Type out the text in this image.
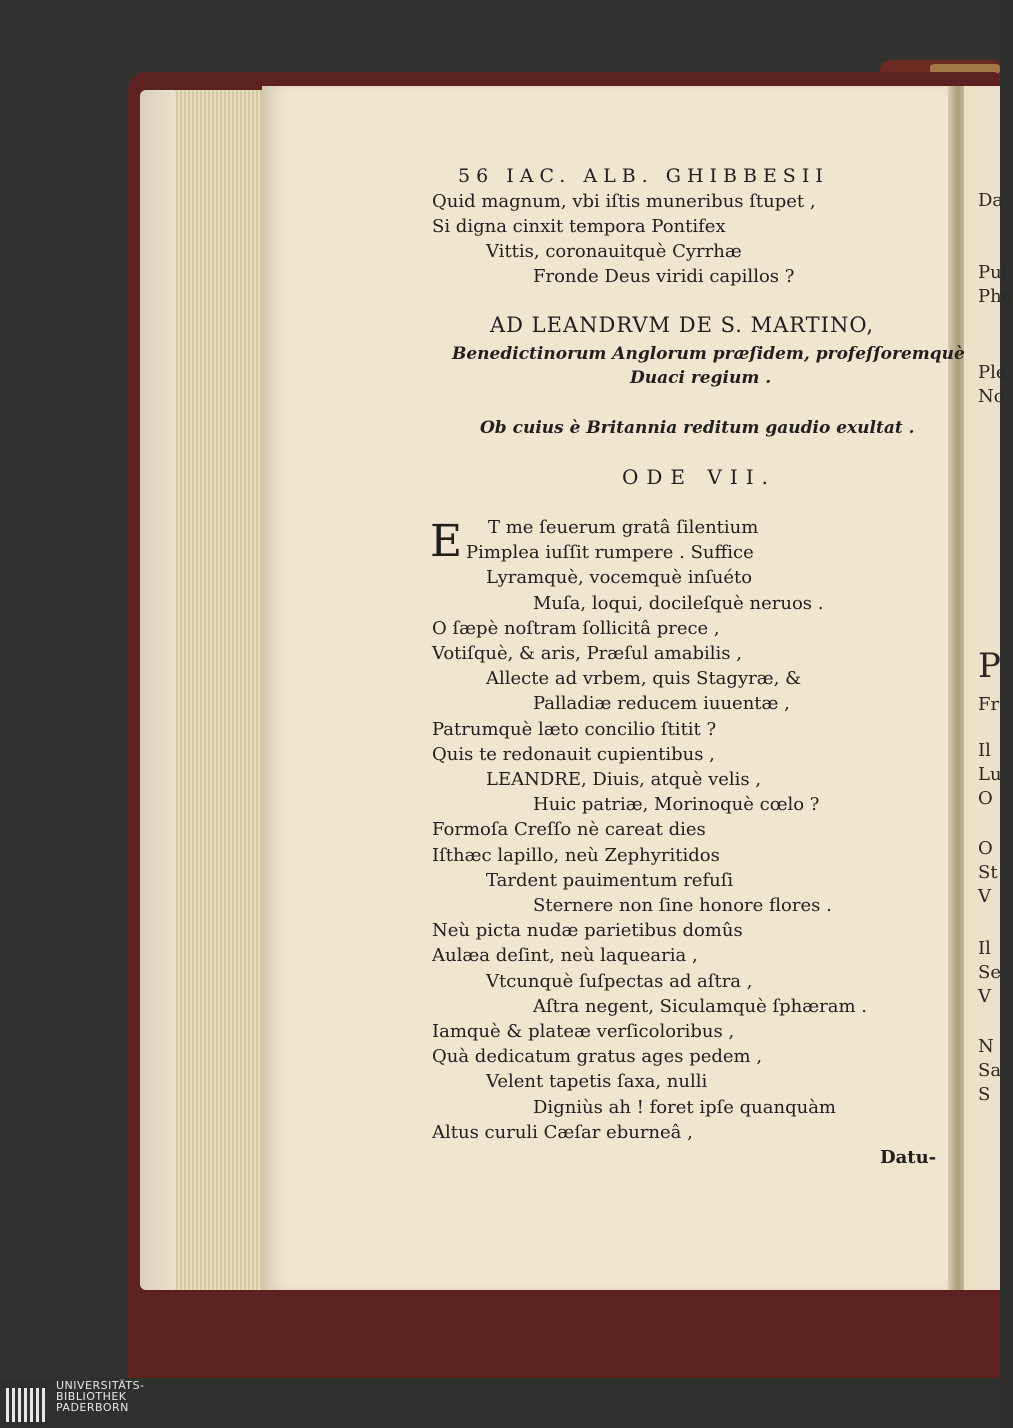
Da
Pul
Pho
Ple
No
P
Fr
Il
Lu
O
O
St
V
Il
Se
V
N
Sa
S
56 IAC. ALB. GHIBBESII
Quid magnum, vbi iſtis muneribus ſtupet ,
Si digna cinxit tempora Pontifex
Vittis, coronauitquè Cyrrhæ
Fronde Deus viridi capillos ?
AD LEANDRVM DE S. MARTINO,
Benedictinorum Anglorum præſidem, profeſſoremquè
Duaci regium .
Ob cuius è Britannia reditum gaudio exultat .
ODE VII.
E T me ſeuerum gratâ ſilentium
Pimplea iuſſit rumpere . Suffice
Lyramquè, vocemquè inſuéto
Muſa, loqui, docileſquè neruos .
O ſæpè noſtram ſollicitâ prece ,
Votiſquè, & aris, Præſul amabilis ,
Allecte ad vrbem, quis Stagyræ, &
Palladiæ reducem iuuentæ ,
Patrumquè læto concilio ſtitit ?
Quis te redonauit cupientibus ,
LEANDRE, Diuis, atquè velis ,
Huic patriæ, Morinoquè cœlo ?
Formoſa Creſſo nè careat dies
Iſthæc lapillo, neù Zephyritidos
Tardent pauimentum refuſi
Sternere non ſine honore flores .
Neù picta nudæ parietibus domûs
Aulæa deſint, neù laquearia ,
Vtcunquè ſuſpectas ad aſtra ,
Aſtra negent, Siculamquè ſphæram .
Iamquè & plateæ verſicoloribus ,
Quà dedicatum gratus ages pedem ,
Velent tapetis ſaxa, nulli
Digniùs ah ! foret ipſe quanquàm
Altus curuli Cæſar eburneâ ,
Datu-
UNIVERSITÄTS-
BIBLIOTHEK
PADERBORN
